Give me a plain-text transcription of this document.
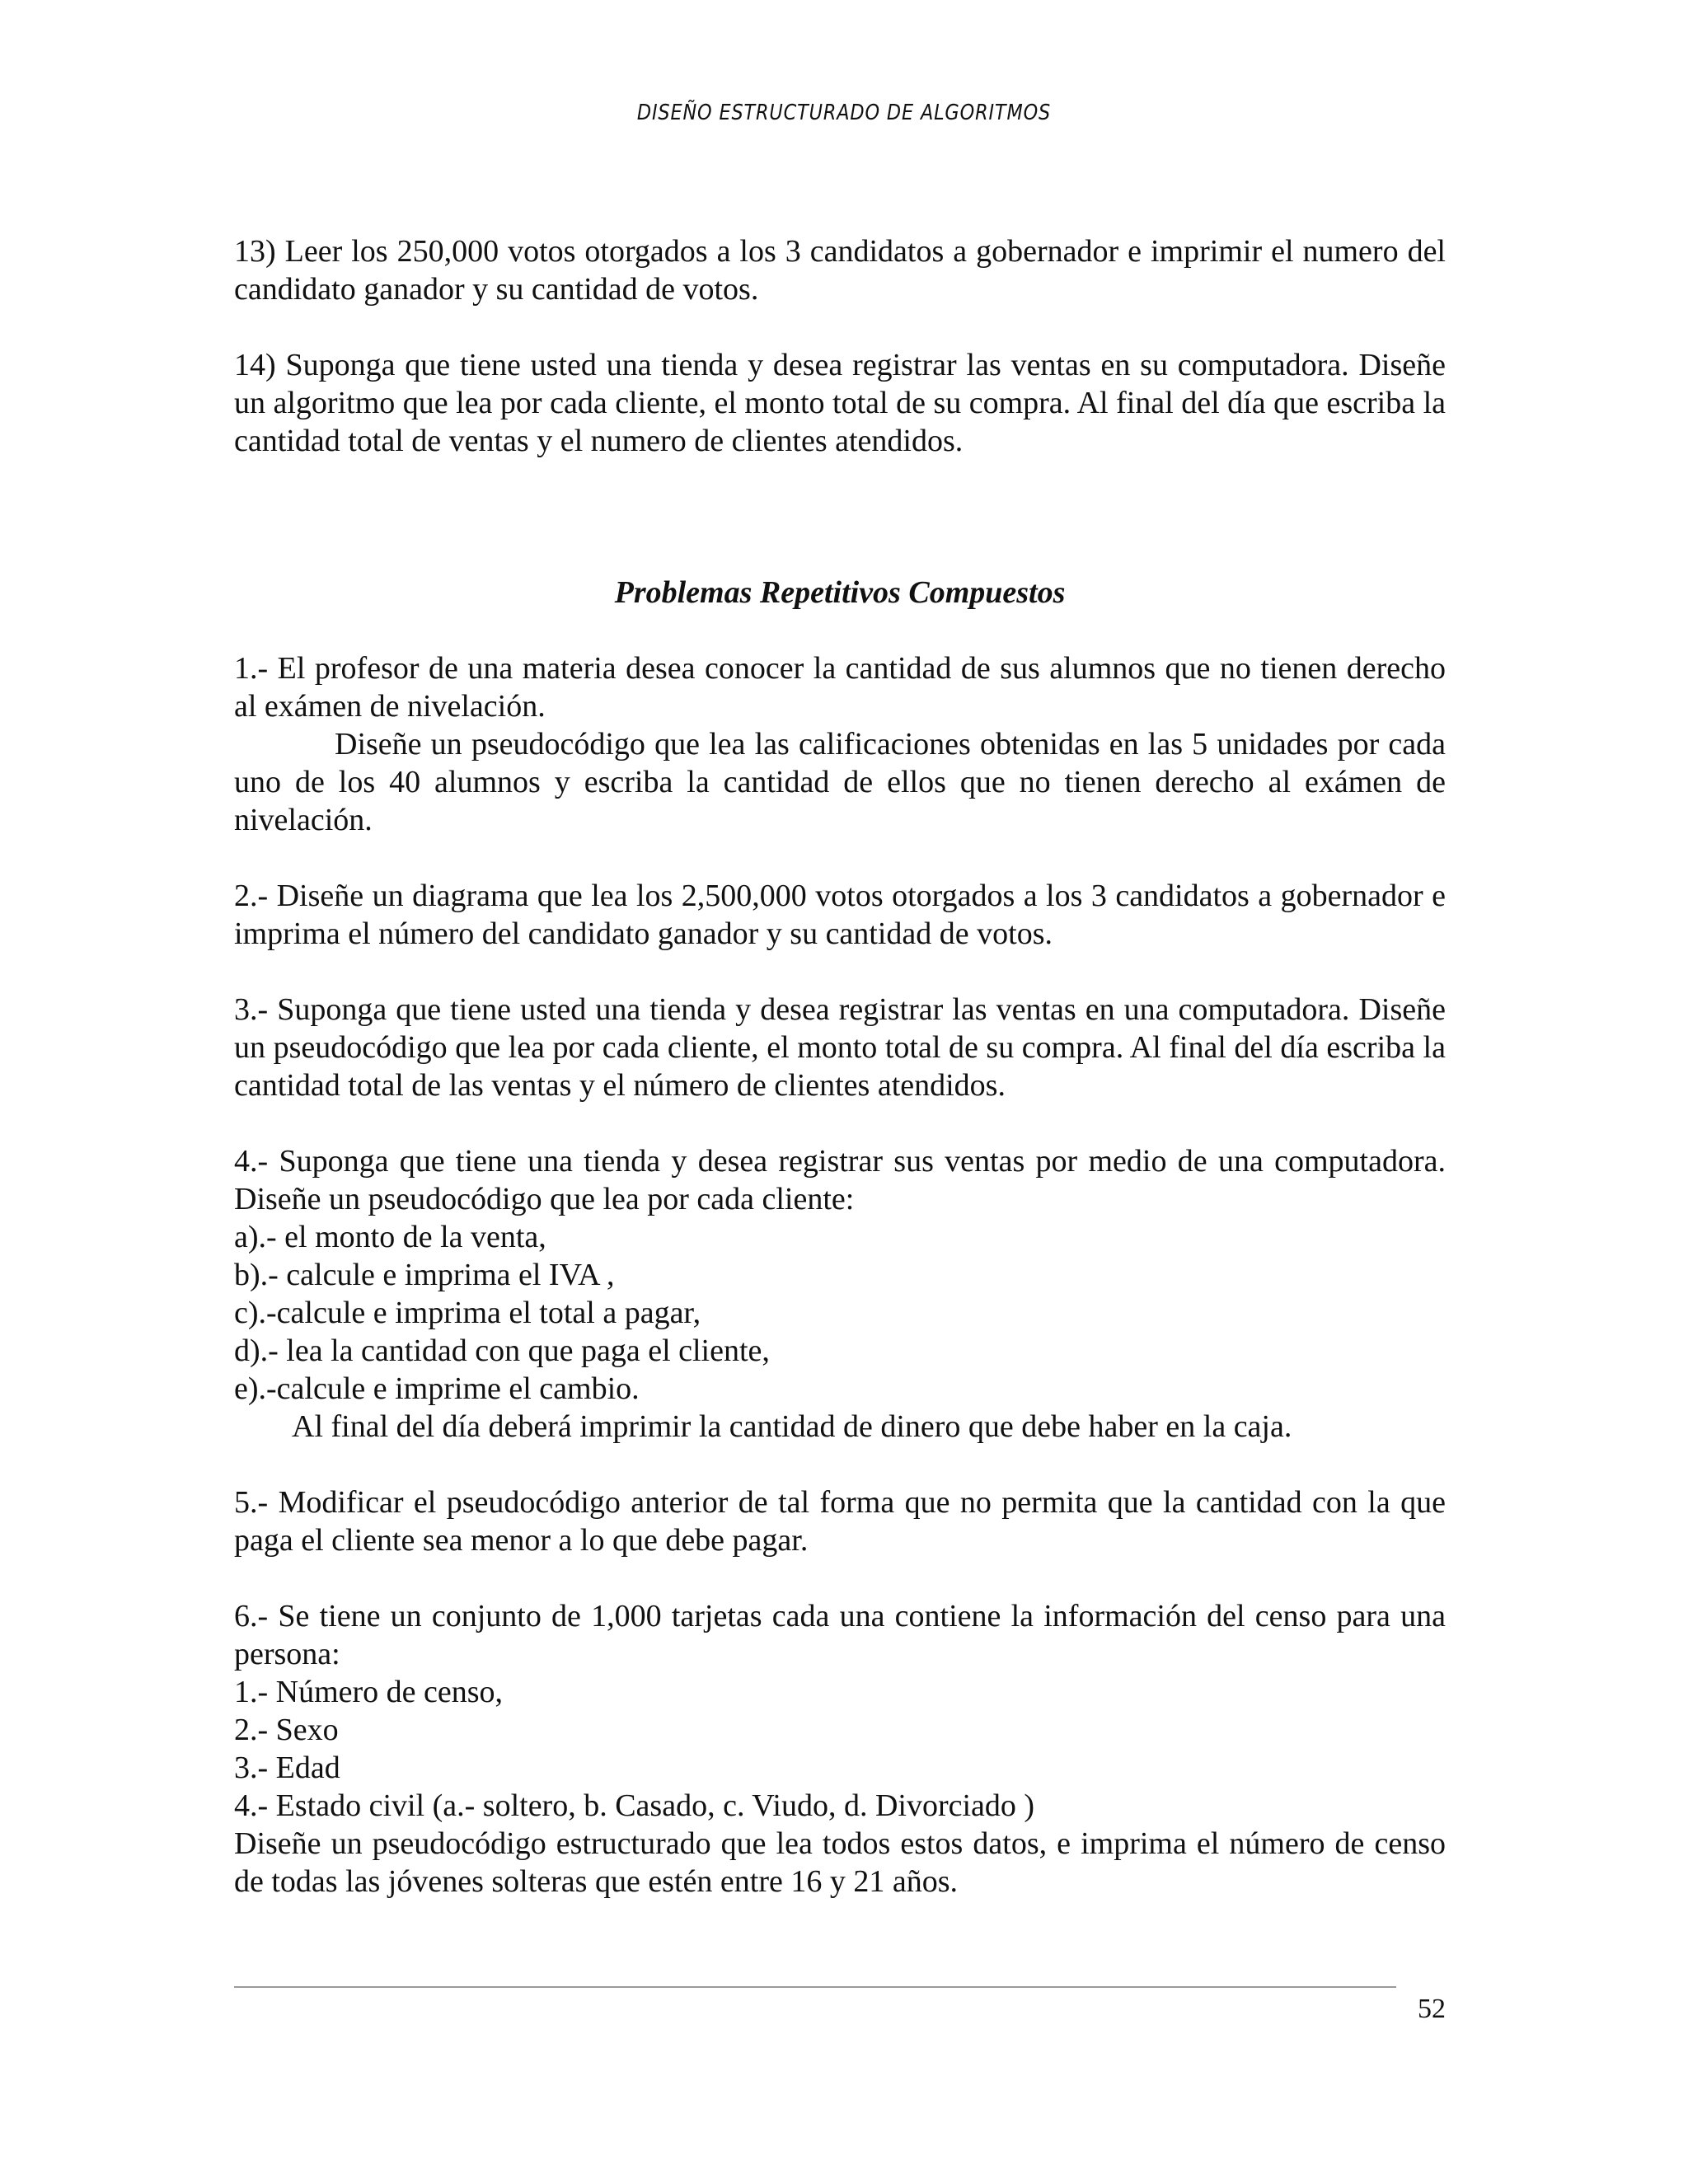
DISEÑO ESTRUCTURADO DE ALGORITMOS

13) Leer los 250,000 votos otorgados a los 3 candidatos a gobernador e imprimir el numero del candidato ganador y su cantidad de votos.

14) Suponga que tiene usted una tienda y desea registrar las ventas en su computadora. Diseñe un algoritmo que lea por cada cliente, el monto total de su compra. Al final del día que escriba la cantidad total de ventas y el numero de clientes atendidos.

Problemas Repetitivos Compuestos

1.- El profesor de una materia desea conocer la cantidad de sus alumnos que no tienen derecho al exámen de nivelación.

Diseñe un pseudocódigo que lea las calificaciones obtenidas en las 5 unidades por cada uno de los 40 alumnos y escriba la cantidad de ellos que no tienen derecho al exámen de nivelación.

2.- Diseñe un diagrama que lea los 2,500,000 votos otorgados a los 3 candidatos a gobernador e imprima el número del candidato ganador y su cantidad de votos.

3.- Suponga que tiene usted una tienda y desea registrar las ventas en una computadora. Diseñe un pseudocódigo que lea por cada cliente, el monto total de su compra. Al final del día escriba la cantidad total de las ventas y el número de clientes atendidos.

4.- Suponga que tiene una tienda y desea registrar sus ventas por medio de una computadora. Diseñe un pseudocódigo que lea por cada cliente:

a).- el monto de la venta,

b).- calcule e imprima el IVA ,

c).-calcule e imprima el total a pagar,

d).- lea la cantidad con que paga el cliente,

e).-calcule e imprime el cambio.

Al final del día deberá imprimir la cantidad de dinero que debe haber en la caja.

5.- Modificar el pseudocódigo anterior de tal forma que no permita que la cantidad con la que paga el cliente sea menor a lo que debe pagar.

6.- Se tiene un conjunto de 1,000 tarjetas cada una contiene la información del censo para una persona:

1.- Número de censo,

2.- Sexo

3.- Edad

4.- Estado civil (a.- soltero, b. Casado, c. Viudo, d. Divorciado )

Diseñe un pseudocódigo estructurado que lea todos estos datos, e imprima el número de censo de todas las jóvenes solteras que estén entre 16 y 21 años.

52
